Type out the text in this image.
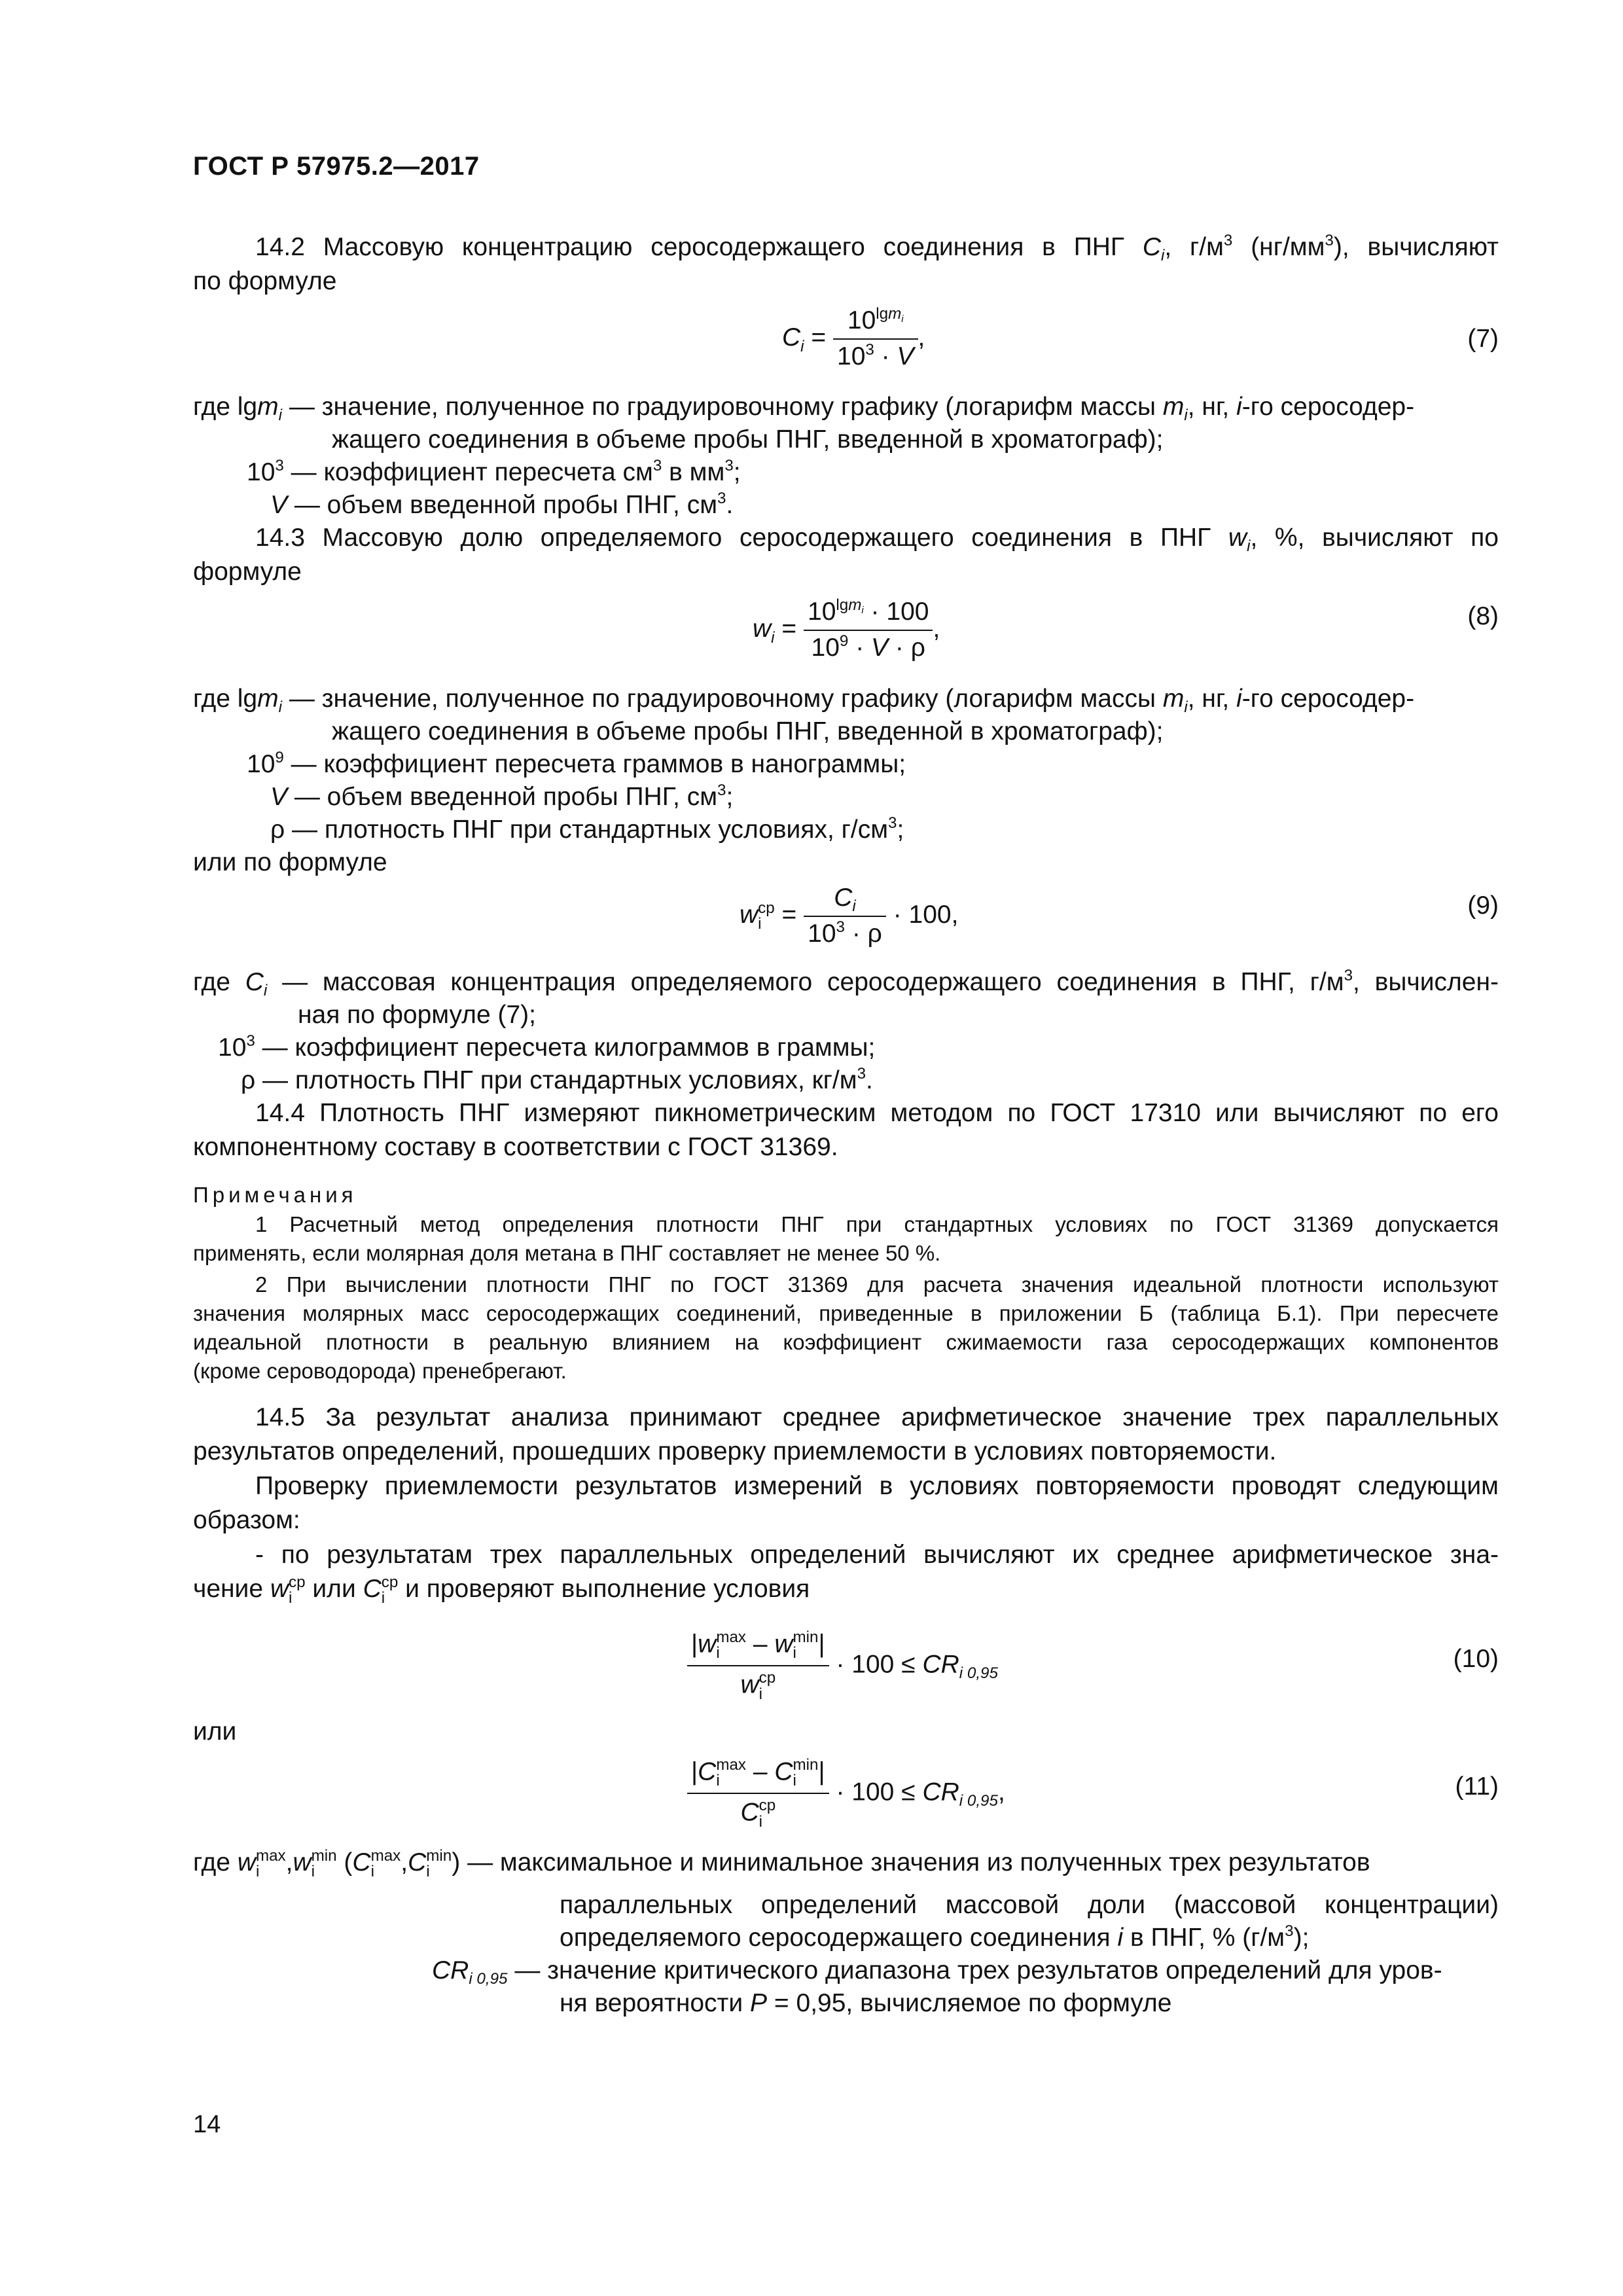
ГОСТ Р 57975.2—2017
14.2 Массовую концентрацию серосодержащего соединения в ПНГ $C_i$, $г/м^3$ $(нг/мм^3)$, вычисляют
по формуле
$C_i = \frac{10^{lgm_i}}{10^3 \cdot V}$ ,	(7)
где lgm$_i$ — значение, полученное по градуировочному графику (логарифм массы $m_i$, нг, i-го серосодер-
жащего соединения в объеме пробы ПНГ, введенной в хроматограф);
$10^3$ — коэффициент пересчета $см^3$ в $мм^3$;
V — объем введенной пробы ПНГ, $см^3$.
14.3 Массовую долю определяемого серосодержащего соединения в ПНГ $w_i$, %, вычисляют по
формуле
$w_i = \frac{10^{lgm_i} \cdot 100}{10^9 \cdot V \cdot \rho}$ ,	(8)
где lgm$_i$ — значение, полученное по градуировочному графику (логарифм массы $m_i$, нг, i-го серосодер-
жащего соединения в объеме пробы ПНГ, введенной в хроматограф);
$10^9$ — коэффициент пересчета граммов в нанограммы;
V — объем введенной пробы ПНГ, $см^3$;
ρ — плотность ПНГ при стандартных условиях, $г/см^3$;
или по формуле
w ср
$i = \frac{C_i}{10^3 \cdot \rho} \cdot 100$,	(9)
где $C_i$ — массовая концентрация определяемого серосодержащего соединения в ПНГ, $г/м^3$, вычислен-
ная по формуле (7);
$10^3$ — коэффициент пересчета килограммов в граммы;
ρ — плотность ПНГ при стандартных условиях, $кг/м^3$.
14.4 Плотность ПНГ измеряют пикнометрическим методом по ГОСТ 17310 или вычисляют по его
компонентному составу в соответствии с ГОСТ 31369.
Примечания
1 Расчетный метод определения плотности ПНГ при стандартных условиях по ГОСТ 31369 допускается
применять, если молярная доля метана в ПНГ составляет не менее 50 %.
2 При вычислении плотности ПНГ по ГОСТ 31369 для расчета значения идеальной плотности используют
значения молярных масс серосодержащих соединений, приведенные в приложении Б (таблица Б.1). При пересчете
идеальной плотности в реальную влиянием на коэффициент сжимаемости газа серосодержащих компонентов
(кроме сероводорода) пренебрегают.
14.5 За результат анализа принимают среднее арифметическое значение трех параллельных
результатов определений, прошедших проверку приемлемости в условиях повторяемости.
Проверку приемлемости результатов измерений в условиях повторяемости проводят следующим
образом:
- по результатам трех параллельных определений вычисляют их среднее арифметическое зна-
чение w ср
i или C ср
i и проверяют выполнение условия
|w max
i	– w min
i |
w ср
$i \cdot 100 \le CR_{i 0,95}$
(10)
или
|C max
i	– C min
i |
C ср
$i \cdot 100 \le CR_{i 0,95}$,	(11)
где w max
i	,w min
i	(C max
i	,C min
i ) — максимальное и минимальное значения из полученных трех результатов
параллельных определений массовой доли (массовой концентрации)
определяемого серосодержащего соединения i в ПНГ, % $(г/м^3)$;
$CR_{i 0,95}$ — значение критического диапазона трех результатов определений для уров-
ня вероятности P = 0,95, вычисляемое по формуле
14
